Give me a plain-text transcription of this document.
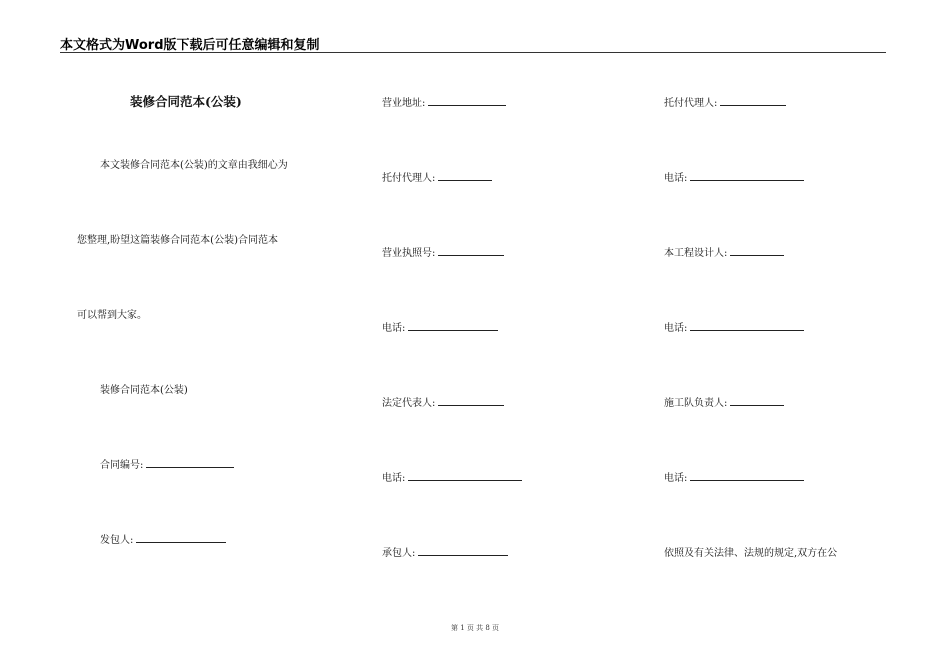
本文格式为Word版下载后可任意编辑和复制
装修合同范本(公装)
本文装修合同范本(公装)的文章由我细心为
您整理,盼望这篇装修合同范本(公装)合同范本
可以帮到大家。
装修合同范本(公装)
合同编号:
发包人:
营业地址:
托付代理人:
营业执照号:
电话:
法定代表人:
电话:
承包人:
托付代理人:
电话:
本工程设计人:
电话:
施工队负责人:
电话:
依照及有关法律、法规的规定,双方在公
第 1 页 共 8 页
